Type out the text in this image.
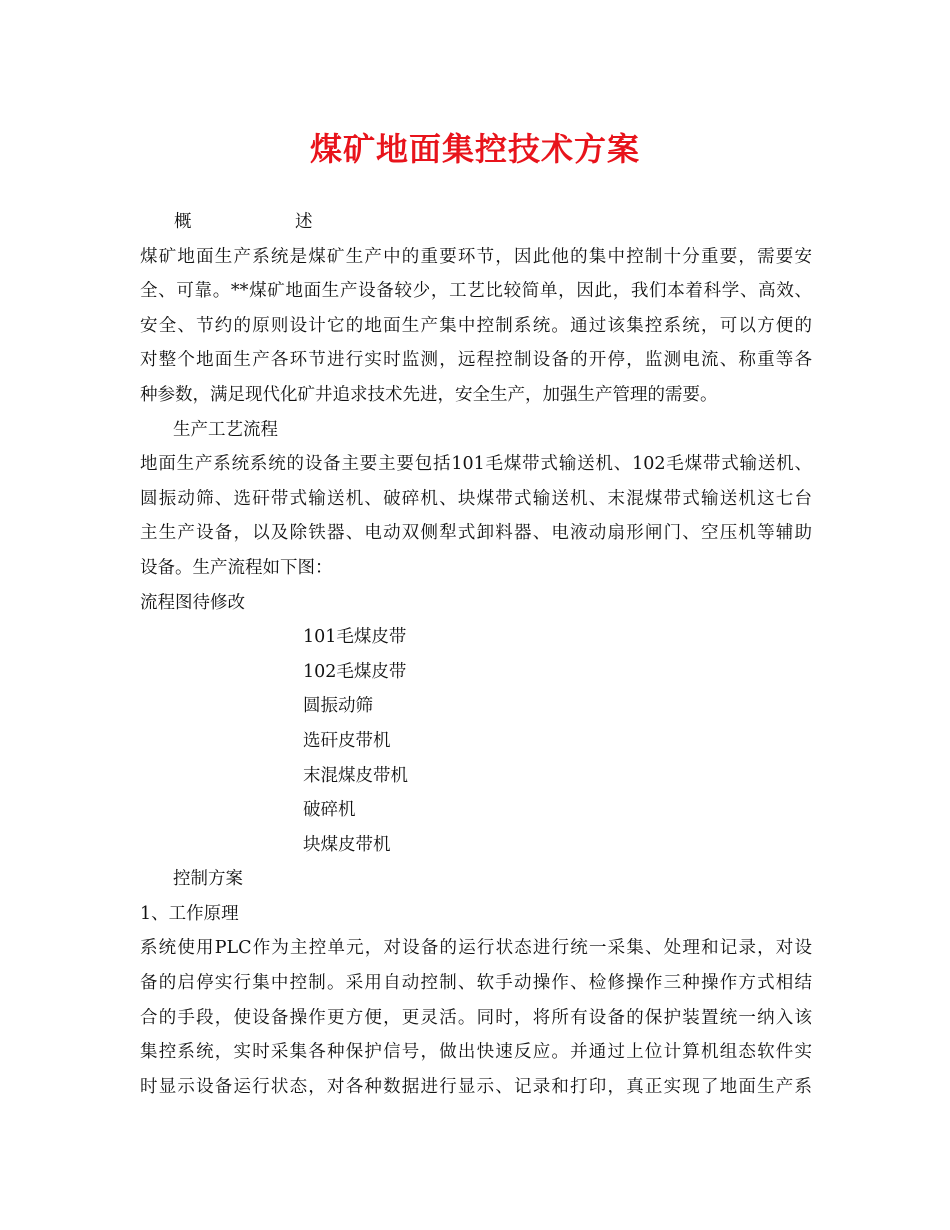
煤矿地面集控技术方案
概	述
煤矿地面生产系统是煤矿生产中的重要环节，因此他的集中控制十分重要，需要安
全、可靠。**煤矿地面生产设备较少，工艺比较简单，因此，我们本着科学、高效、
安全、节约的原则设计它的地面生产集中控制系统。通过该集控系统，可以方便的
对整个地面生产各环节进行实时监测，远程控制设备的开停，监测电流、称重等各
种参数，满足现代化矿井追求技术先进，安全生产，加强生产管理的需要。
生产工艺流程
地面生产系统系统的设备主要主要包括101毛煤带式输送机、102毛煤带式输送机、
圆振动筛、选矸带式输送机、破碎机、块煤带式输送机、末混煤带式输送机这七台
主生产设备，以及除铁器、电动双侧犁式卸料器、电液动扇形闸门、空压机等辅助
设备。生产流程如下图：
流程图待修改
101毛煤皮带
102毛煤皮带
圆振动筛
选矸皮带机
末混煤皮带机
破碎机
块煤皮带机
控制方案
1、工作原理
系统使用PLC作为主控单元，对设备的运行状态进行统一采集、处理和记录，对设
备的启停实行集中控制。采用自动控制、软手动操作、检修操作三种操作方式相结
合的手段，使设备操作更方便，更灵活。同时，将所有设备的保护装置统一纳入该
集控系统，实时采集各种保护信号，做出快速反应。并通过上位计算机组态软件实
时显示设备运行状态，对各种数据进行显示、记录和打印，真正实现了地面生产系
